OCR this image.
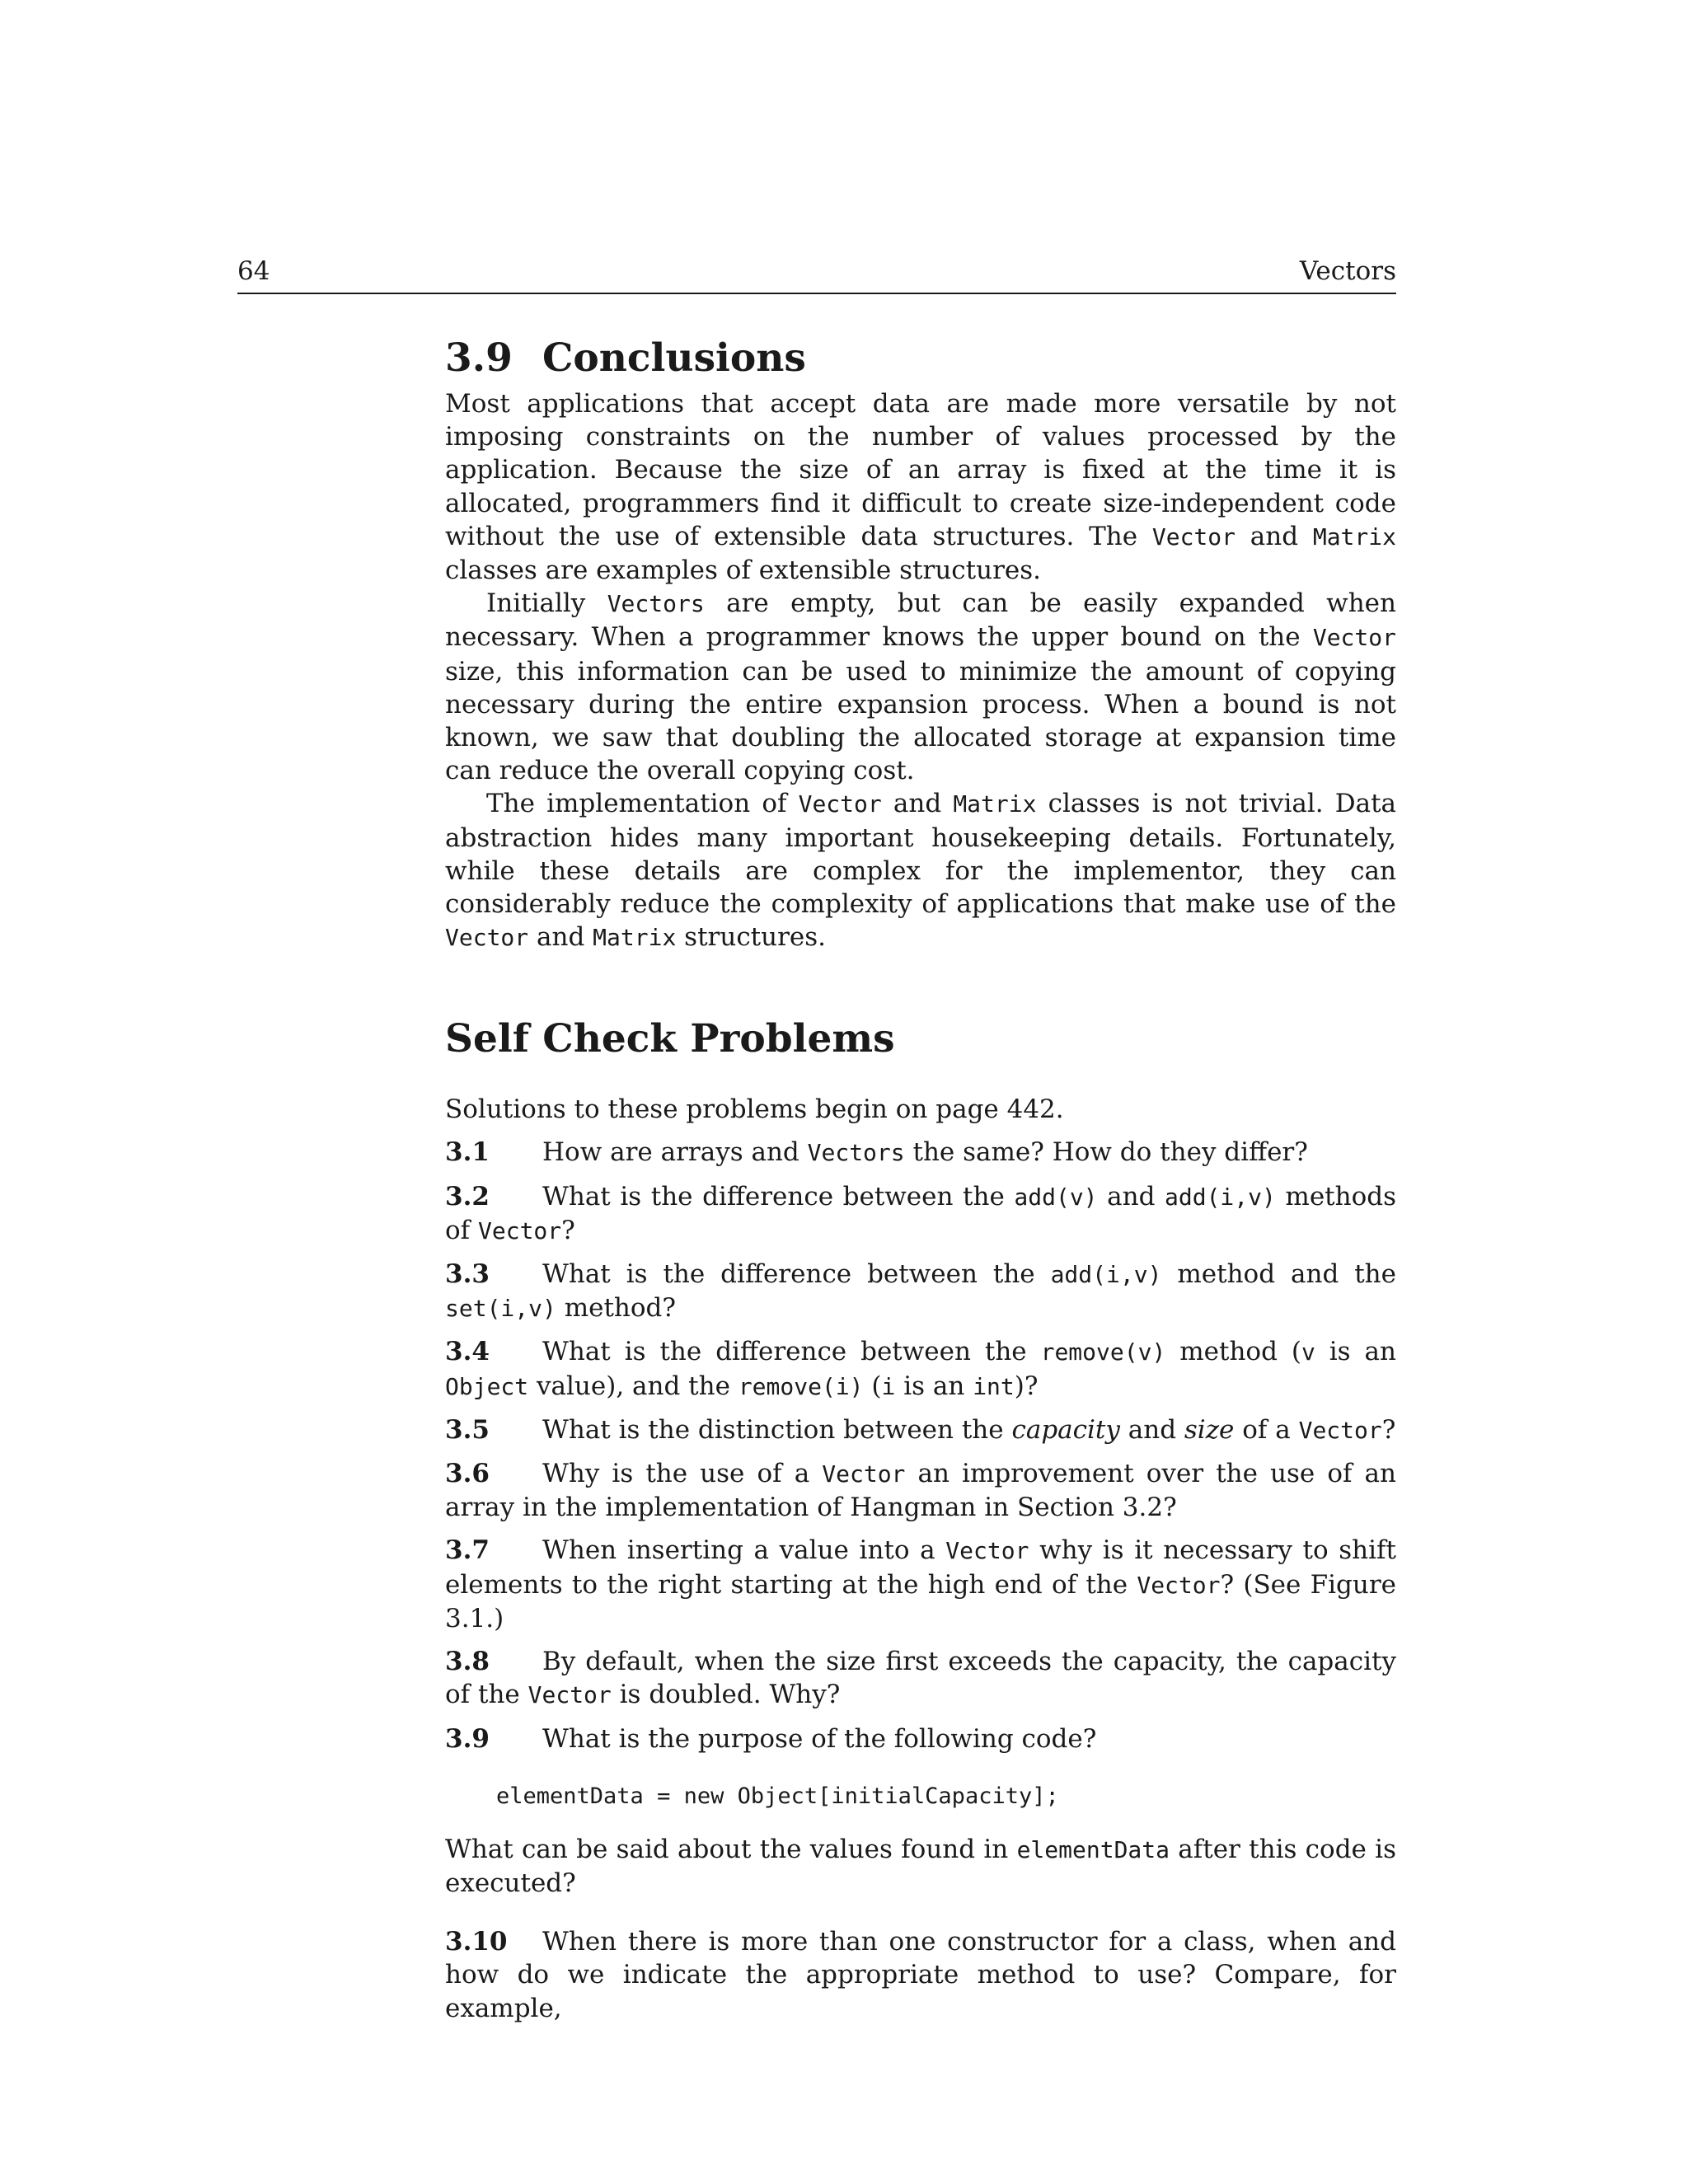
64	Vectors
3.9 Conclusions

Most applications that accept data are made more versatile by not imposing constraints on the number of values processed by the application. Because the size of an array is fixed at the time it is allocated, programmers find it difficult to create size-independent code without the use of extensible data structures. The Vector and Matrix classes are examples of extensible structures.

Initially Vectors are empty, but can be easily expanded when necessary. When a programmer knows the upper bound on the Vector size, this information can be used to minimize the amount of copying necessary during the entire expansion process. When a bound is not known, we saw that doubling the allocated storage at expansion time can reduce the overall copying cost.

The implementation of Vector and Matrix classes is not trivial. Data abstraction hides many important housekeeping details. Fortunately, while these details are complex for the implementor, they can considerably reduce the complexity of applications that make use of the Vector and Matrix structures.

Self Check Problems
Solutions to these problems begin on page 442.
3.1 How are arrays and Vectors the same? How do they differ?
3.2 What is the difference between the add(v) and add(i,v) methods of Vector?
3.3 What is the difference between the add(i,v) method and the set(i,v) method?
3.4 What is the difference between the remove(v) method (v is an Object value), and the remove(i) (i is an int)?
3.5 What is the distinction between the capacity and size of a Vector?
3.6 Why is the use of a Vector an improvement over the use of an array in the implementation of Hangman in Section 3.2?
3.7 When inserting a value into a Vector why is it necessary to shift elements to the right starting at the high end of the Vector? (See Figure 3.1.)
3.8 By default, when the size first exceeds the capacity, the capacity of the Vector is doubled. Why?
3.9 What is the purpose of the following code?
elementData = new Object[initialCapacity];

What can be said about the values found in elementData after this code is executed?

3.10 When there is more than one constructor for a class, when and how do we indicate the appropriate method to use? Compare, for example,
